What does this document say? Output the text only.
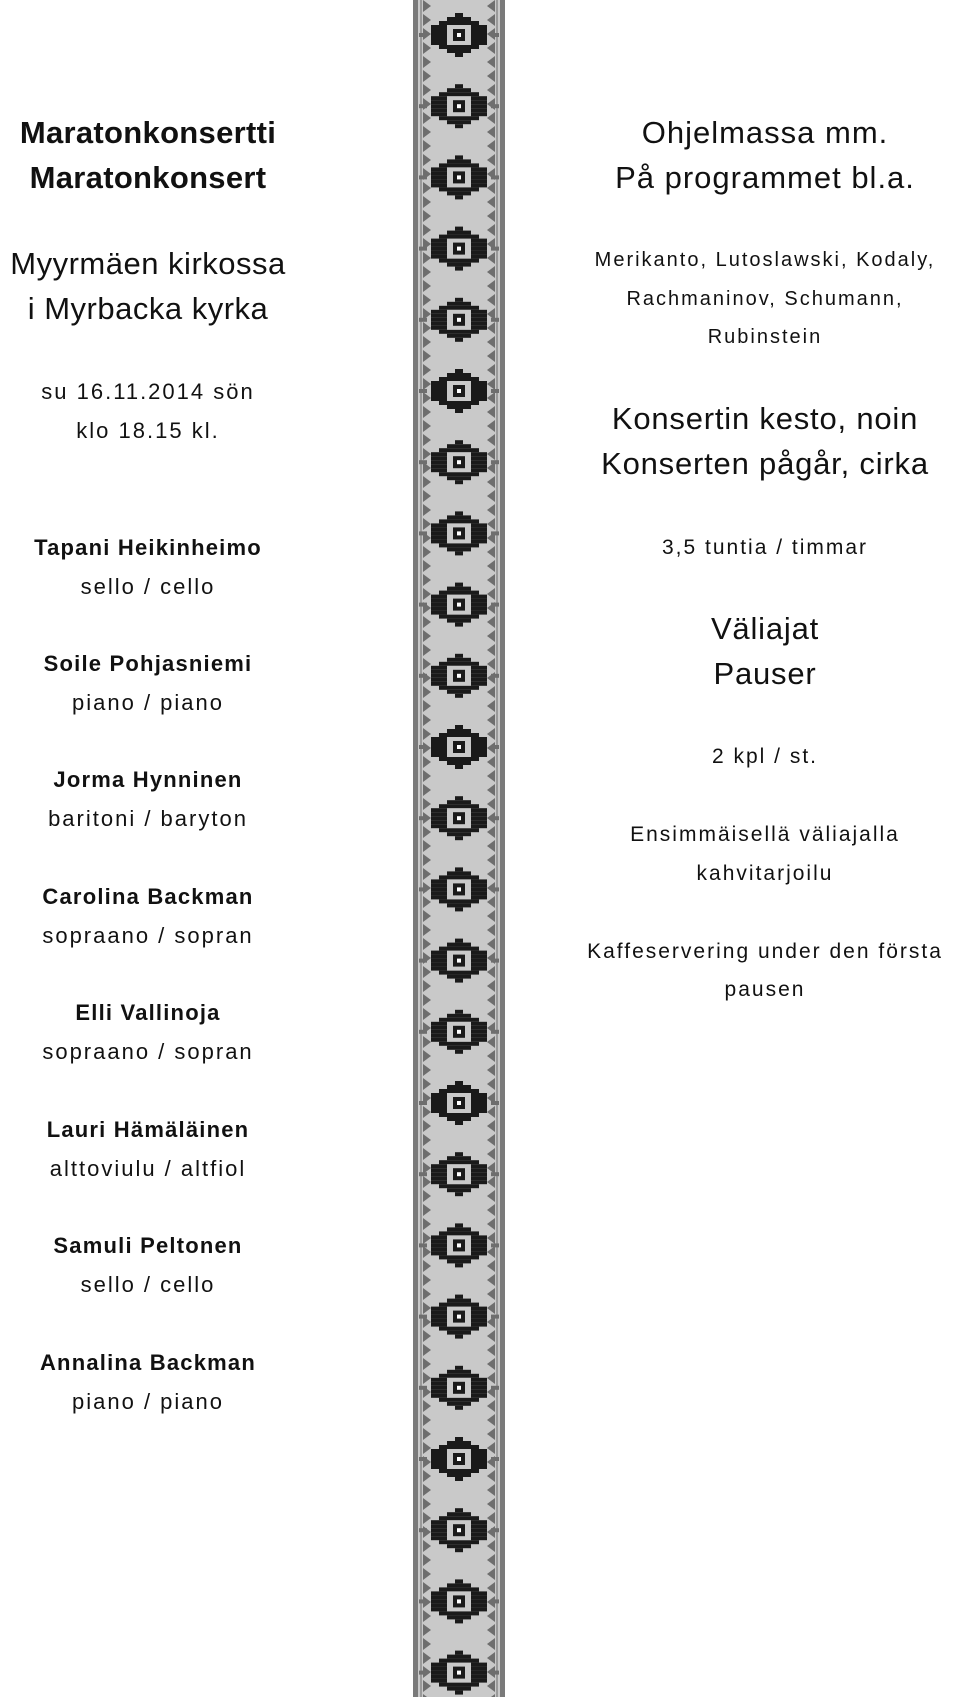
Maratonkonsertti
Maratonkonsert
Myyrmäen kirkossa
i Myrbacka kyrka
su 16.11.2014 sön
klo 18.15 kl.
Tapani Heikinheimo
sello / cello
Soile Pohjasniemi
piano / piano
Jorma Hynninen
baritoni / baryton
Carolina Backman
sopraano / sopran
Elli Vallinoja
sopraano / sopran
Lauri Hämäläinen
alttoviulu / altfiol
Samuli Peltonen
sello / cello
Annalina Backman
piano / piano
Ohjelmassa mm.
På programmet bl.a.
Merikanto, Lutoslawski, Kodaly,
Rachmaninov, Schumann,
Rubinstein
Konsertin kesto, noin
Konserten pågår, cirka
3,5 tuntia / timmar
Väliajat
Pauser
2 kpl / st.
Ensimmäisellä väliajalla
kahvitarjoilu
Kaffeservering under den första
pausen
